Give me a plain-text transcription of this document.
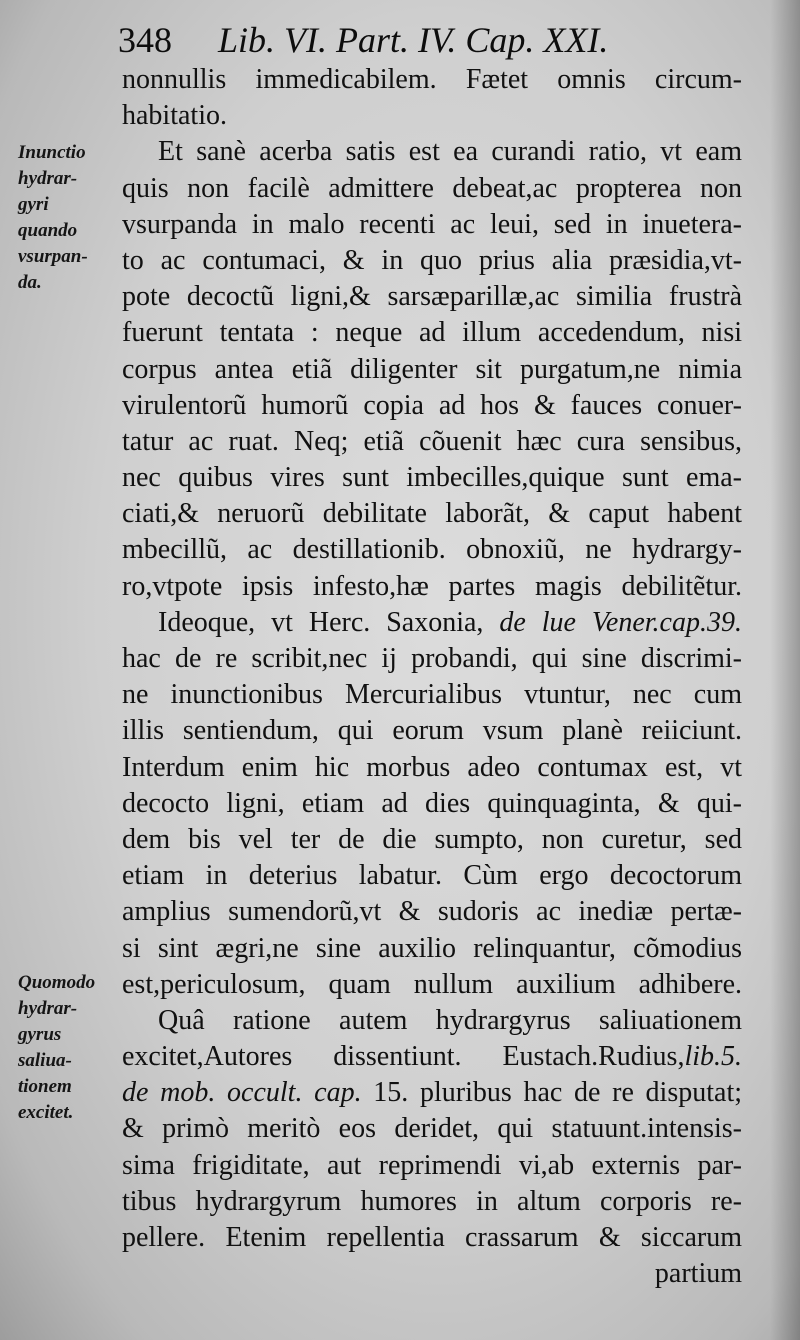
348 Lib. VI. Part. IV. Cap. XXI.
Inunctio
hydrar-
gyri
quando
vsurpan-
da.
Quomodo
hydrar-
gyrus
saliua-
tionem
excitet.
nonnullis immedicabilem. Fætet omnis circum-
habitatio.
Et sanè acerba satis est ea curandi ratio, vt eam
quis non facilè admittere debeat,ac propterea non
vsurpanda in malo recenti ac leui, sed in inuetera-
to ac contumaci, & in quo prius alia præsidia,vt-
pote decoctũ ligni,& sarsæparillæ,ac similia frustrà
fuerunt tentata : neque ad illum accedendum, nisi
corpus antea etiã diligenter sit purgatum,ne nimia
virulentorũ humorũ copia ad hos & fauces conuer-
tatur ac ruat. Neq; etiã cõuenit hæc cura sensibus,
nec quibus vires sunt imbecilles,quique sunt ema-
ciati,& neruorũ debilitate laborãt, & caput habent
mbecillũ, ac destillationib. obnoxiũ, ne hydrargy-
ro,vtpote ipsis infesto,hæ partes magis debilitẽtur.
Ideoque, vt Herc. Saxonia, de lue Vener.cap.39.
hac de re scribit,nec ij probandi, qui sine discrimi-
ne inunctionibus Mercurialibus vtuntur, nec cum
illis sentiendum, qui eorum vsum planè reiiciunt.
Interdum enim hic morbus adeo contumax est, vt
decocto ligni, etiam ad dies quinquaginta, & qui-
dem bis vel ter de die sumpto, non curetur, sed
etiam in deterius labatur. Cùm ergo decoctorum
amplius sumendorũ,vt & sudoris ac inediæ pertæ-
si sint ægri,ne sine auxilio relinquantur, cõmodius
est,periculosum, quam nullum auxilium adhibere.
Quâ ratione autem hydrargyrus saliuationem
excitet,Autores dissentiunt. Eustach.Rudius,lib.5.
de mob. occult. cap. 15. pluribus hac de re disputat;
& primò meritò eos deridet, qui statuunt.intensis-
sima frigiditate, aut reprimendi vi,ab externis par-
tibus hydrargyrum humores in altum corporis re-
pellere. Etenim repellentia crassarum & siccarum
partium
